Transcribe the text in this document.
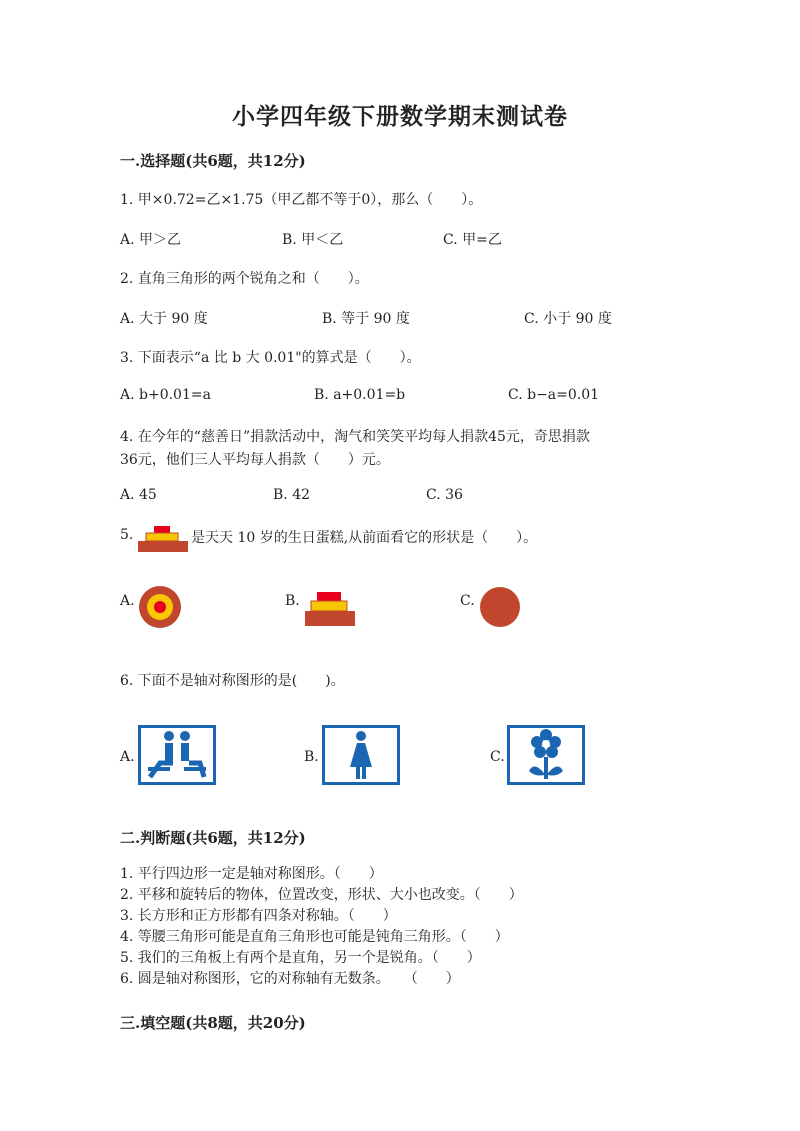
小学四年级下册数学期末测试卷
一.选择题(共6题，共12分)
1. 甲×0.72=乙×1.75（甲乙都不等于0），那么（　　）。
A. 甲＞乙	B. 甲＜乙	C. 甲=乙
2. 直角三角形的两个锐角之和（　　）。
A. 大于 90 度	B. 等于 90 度	C. 小于 90 度
3. 下面表示“a 比 b 大 0.01"的算式是（　　）。
A. b+0.01=a	B. a+0.01=b	C. b−a=0.01
4. 在今年的“慈善日”捐款活动中，淘气和笑笑平均每人捐款45元，奇思捐款
36元，他们三人平均每人捐款（　　）元。
A. 45	B. 42	C. 36
5.	是天天 10 岁的生日蛋糕,从前面看它的形状是（　　）。
A.	B.	C.
6. 下面不是轴对称图形的是(　　)。
A.	B.	C.
二.判断题(共6题，共12分)
1. 平行四边形一定是轴对称图形。（　　）
2. 平移和旋转后的物体，位置改变，形状、大小也改变。（　　）
3. 长方形和正方形都有四条对称轴。（　　）
4. 等腰三角形可能是直角三角形也可能是钝角三角形。（　　）
5. 我们的三角板上有两个是直角，另一个是锐角。（　　）
6. 圆是轴对称图形，它的对称轴有无数条。　　（　　）
三.填空题(共8题，共20分)
